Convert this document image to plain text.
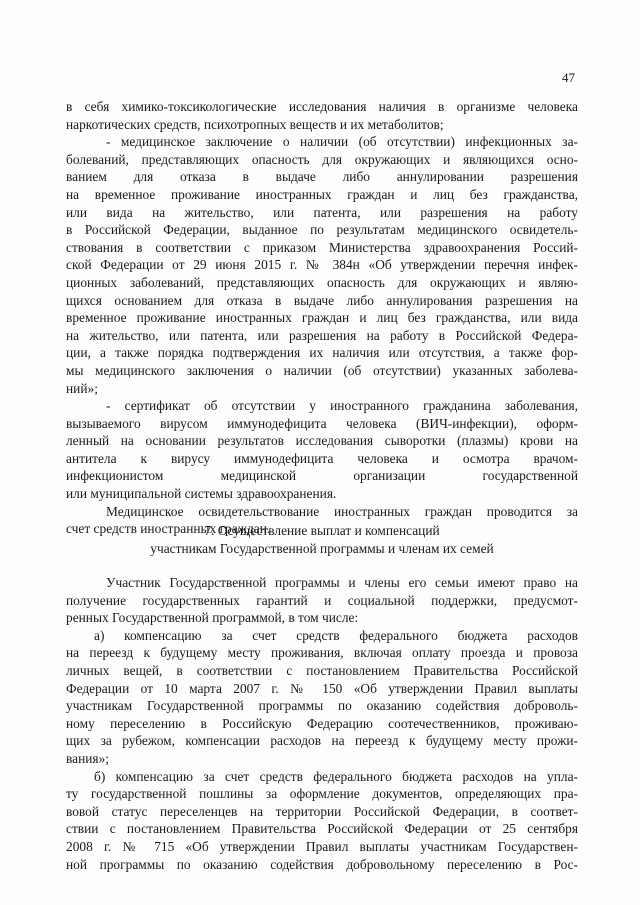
47
в себя химико-токсикологические исследования наличия в организме человека
наркотических средств, психотропных веществ и их метаболитов;
- медицинское заключение о наличии (об отсутствии) инфекционных за-
болеваний, представляющих опасность для окружающих и являющихся осно-
ванием для отказа в выдаче либо аннулировании разрешения
на временное проживание иностранных граждан и лиц без гражданства,
или вида на жительство, или патента, или разрешения на работу
в Российской Федерации, выданное по результатам медицинского освидетель-
ствования в соответствии с приказом Министерства здравоохранения Россий-
ской Федерации от 29 июня 2015 г. № 384н «Об утверждении перечня инфек-
ционных заболеваний, представляющих опасность для окружающих и являю-
щихся основанием для отказа в выдаче либо аннулирования разрешения на
временное проживание иностранных граждан и лиц без гражданства, или вида
на жительство, или патента, или разрешения на работу в Российской Федера-
ции, а также порядка подтверждения их наличия или отсутствия, а также фор-
мы медицинского заключения о наличии (об отсутствии) указанных заболева-
ний»;
- сертификат об отсутствии у иностранного гражданина заболевания,
вызываемого вирусом иммунодефицита человека (ВИЧ-инфекции), оформ-
ленный на основании результатов исследования сыворотки (плазмы) крови на
антитела к вирусу иммунодефицита человека и осмотра врачом-
инфекционистом медицинской организации государственной
или муниципальной системы здравоохранения.
Медицинское освидетельствование иностранных граждан проводится за
счет средств иностранных граждан.
7. Осуществление выплат и компенсаций
участникам Государственной программы и членам их семей
Участник Государственной программы и члены его семьи имеют право на
получение государственных гарантий и социальной поддержки, предусмот-
ренных Государственной программой, в том числе:
а) компенсацию за счет средств федерального бюджета расходов
на переезд к будущему месту проживания, включая оплату проезда и провоза
личных вещей, в соответствии с постановлением Правительства Российской
Федерации от 10 марта 2007 г. № 150 «Об утверждении Правил выплаты
участникам Государственной программы по оказанию содействия доброволь-
ному переселению в Российскую Федерацию соотечественников, проживаю-
щих за рубежом, компенсации расходов на переезд к будущему месту прожи-
вания»;
б) компенсацию за счет средств федерального бюджета расходов на упла-
ту государственной пошлины за оформление документов, определяющих пра-
вовой статус переселенцев на территории Российской Федерации, в соответ-
ствии с постановлением Правительства Российской Федерации от 25 сентября
2008 г. № 715 «Об утверждении Правил выплаты участникам Государствен-
ной программы по оказанию содействия добровольному переселению в Рос-
